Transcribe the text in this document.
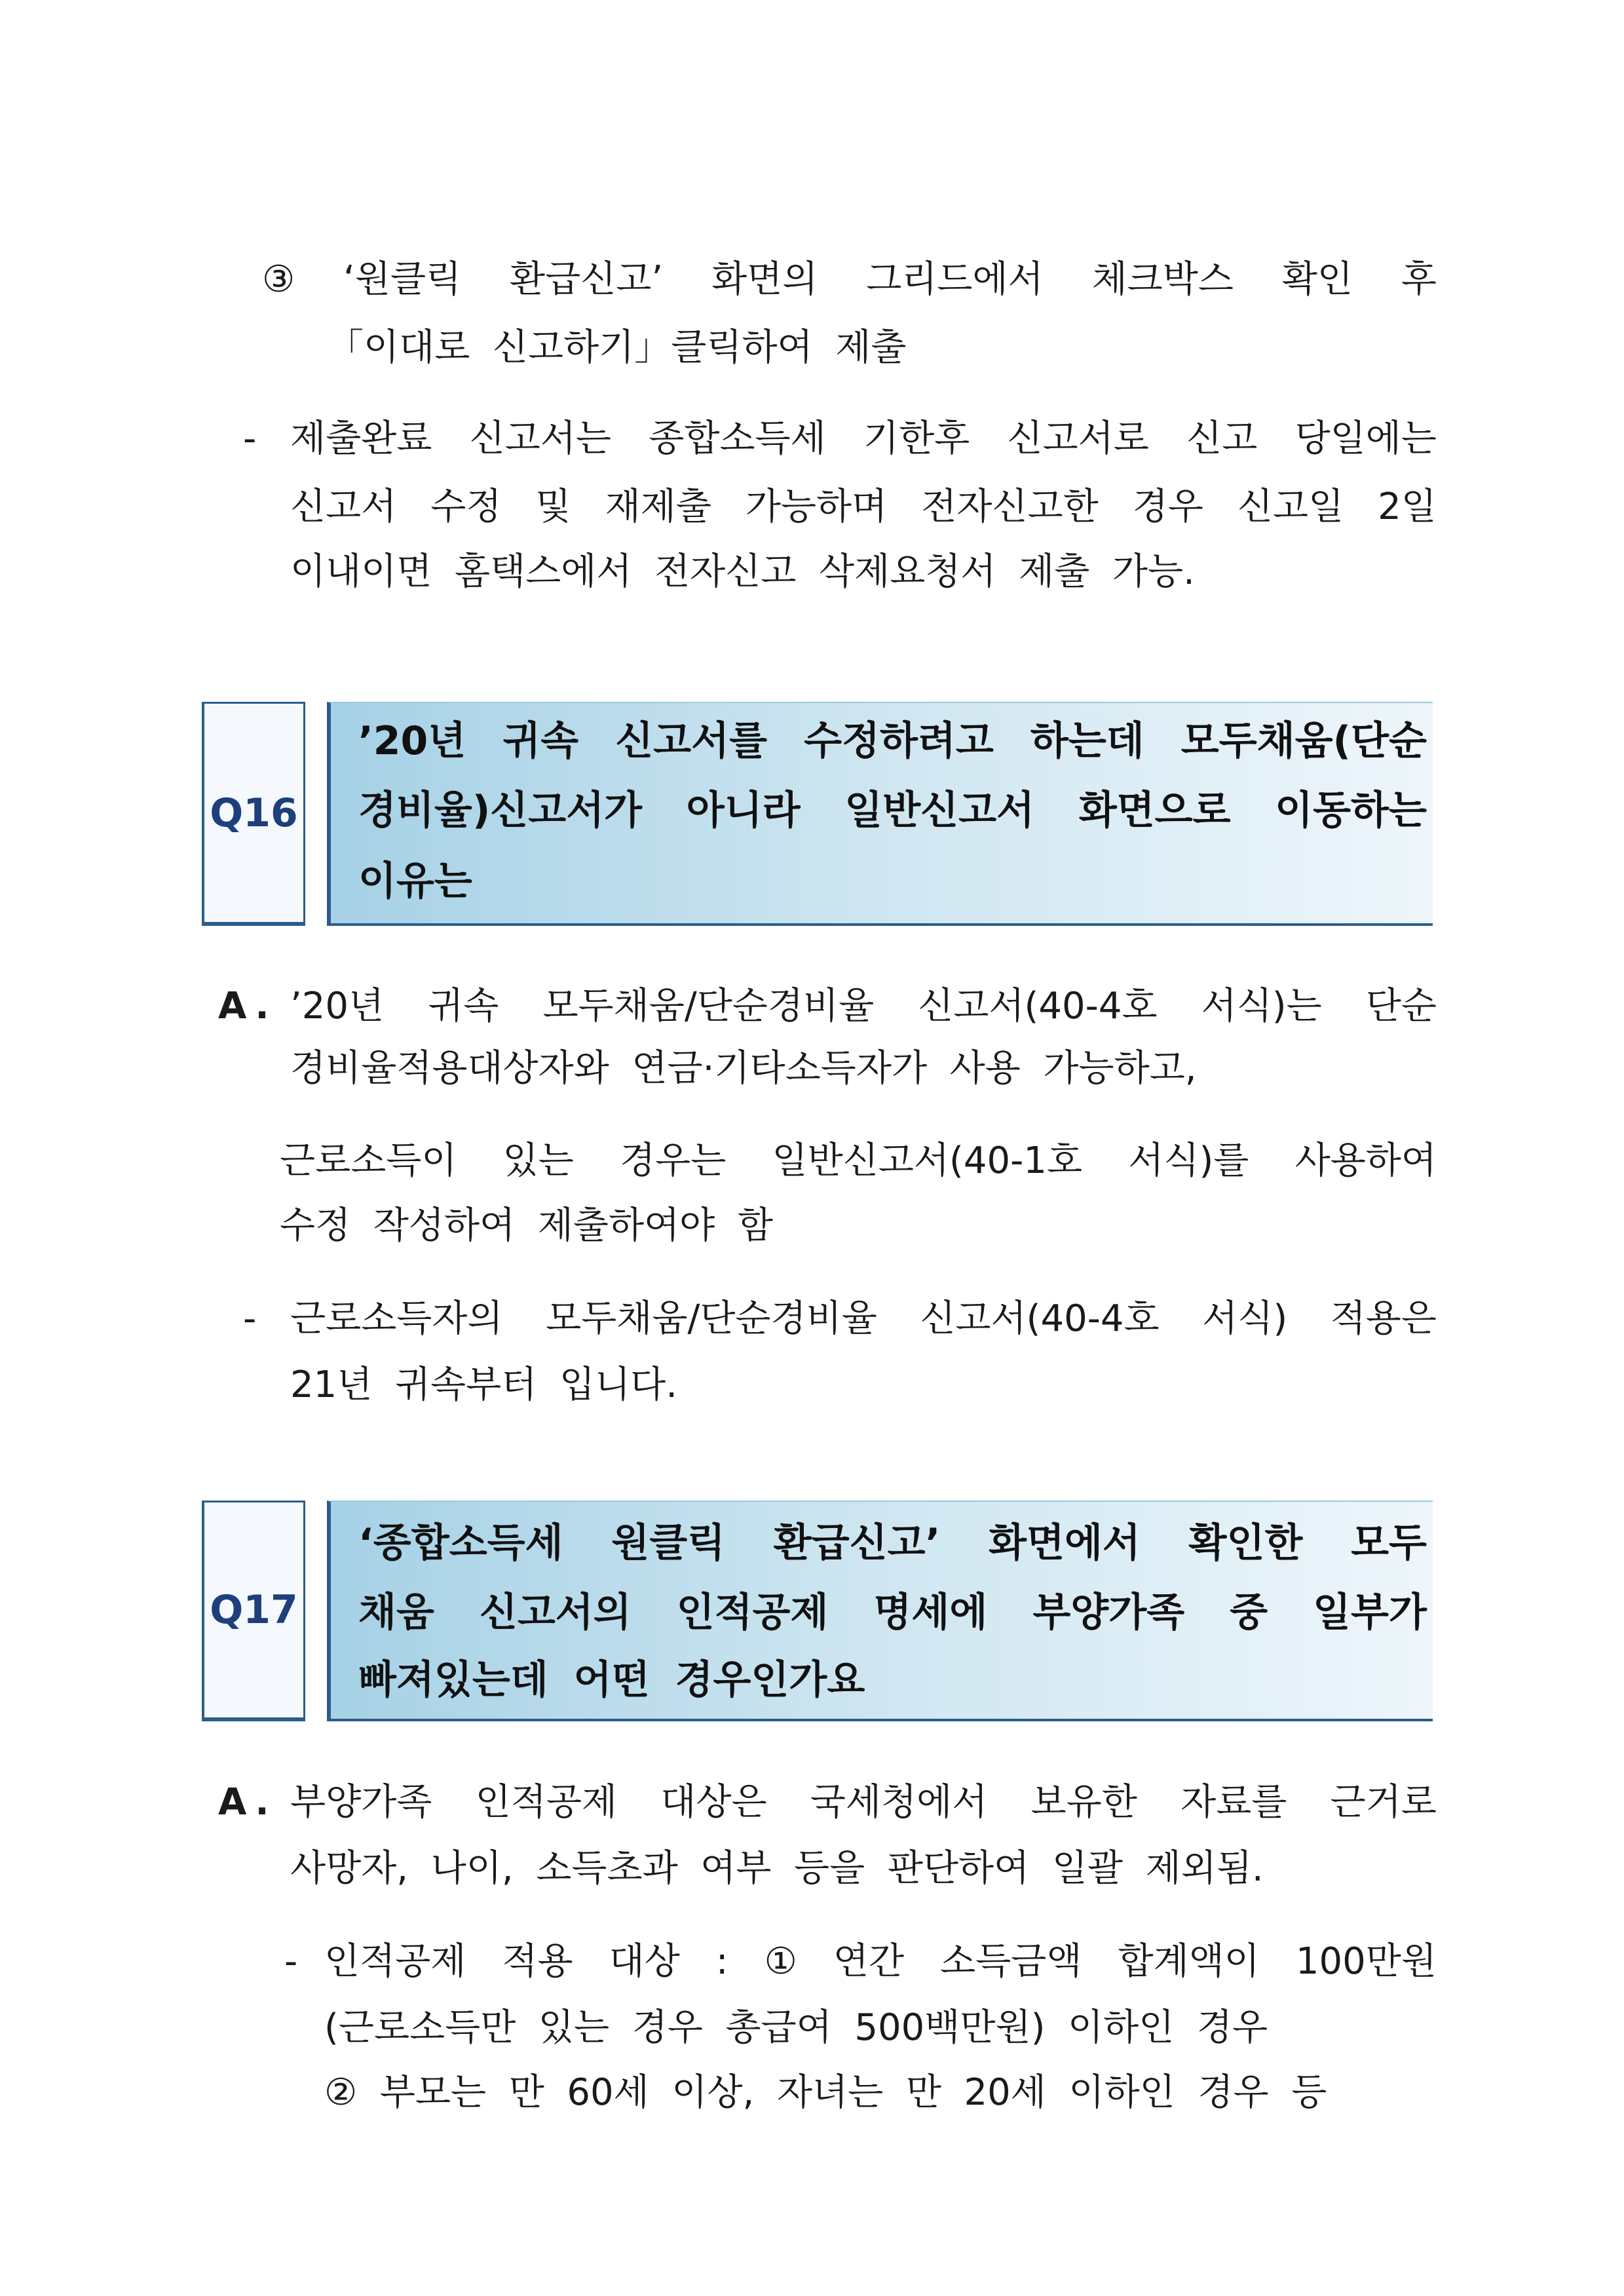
③ ‘원클릭 환급신고’ 화면의 그리드에서 체크박스 확인 후
「이대로 신고하기」클릭하여 제출
- 제출완료 신고서는 종합소득세 기한후 신고서로 신고 당일에는
신고서 수정 및 재제출 가능하며 전자신고한 경우 신고일 2일
이내이면 홈택스에서 전자신고 삭제요청서 제출 가능.
Q16
’20년 귀속 신고서를 수정하려고 하는데 모두채움(단순
경비율)신고서가 아니라 일반신고서 화면으로 이동하는
이유는
A. ’20년 귀속 모두채움/단순경비율 신고서(40-4호 서식)는 단순
경비율적용대상자와 연금·기타소득자가 사용 가능하고,
근로소득이 있는 경우는 일반신고서(40-1호 서식)를 사용하여
수정 작성하여 제출하여야 함
- 근로소득자의 모두채움/단순경비율 신고서(40-4호 서식) 적용은
21년 귀속부터 입니다.
Q17
‘종합소득세 원클릭 환급신고’ 화면에서 확인한 모두
채움 신고서의 인적공제 명세에 부양가족 중 일부가
빠져있는데 어떤 경우인가요
A. 부양가족 인적공제 대상은 국세청에서 보유한 자료를 근거로
사망자, 나이, 소득초과 여부 등을 판단하여 일괄 제외됨.
- 인적공제 적용 대상 : ① 연간 소득금액 합계액이 100만원
(근로소득만 있는 경우 총급여 500백만원) 이하인 경우
② 부모는 만 60세 이상, 자녀는 만 20세 이하인 경우 등
